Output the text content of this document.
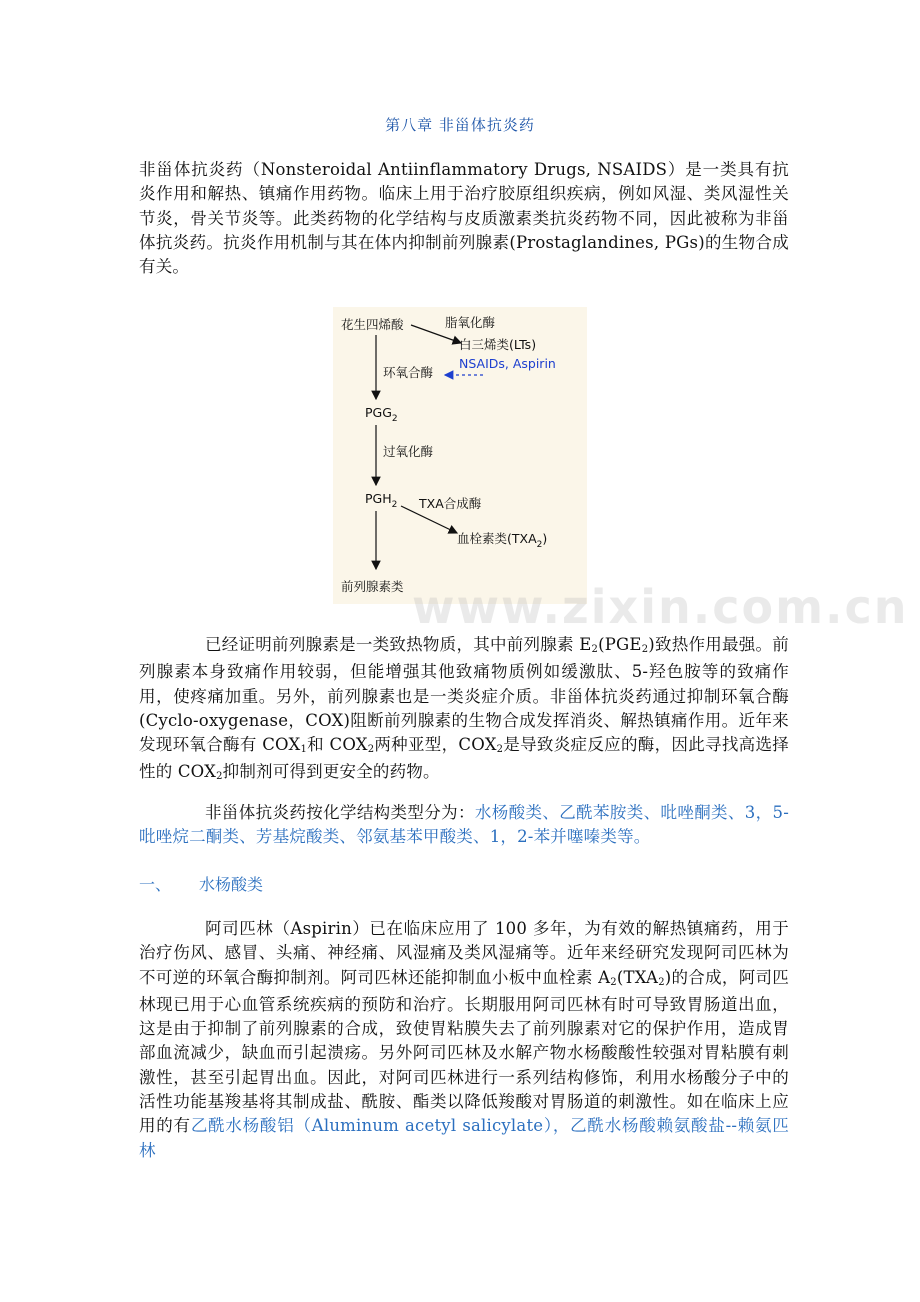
第八章 非甾体抗炎药
非甾体抗炎药（Nonsteroidal Antiinflammatory Drugs, NSAIDS）是一类具有抗炎作用和解热、镇痛作用药物。临床上用于治疗胶原组织疾病，例如风湿、类风湿性关节炎，骨关节炎等。此类药物的化学结构与皮质激素类抗炎药物不同，因此被称为非甾体抗炎药。抗炎作用机制与其在体内抑制前列腺素(Prostaglandines, PGs)的生物合成有关。
花生四烯酸	脂氧化酶
白三烯类(LTs)
NSAIDs, Aspirin
环氧合酶
$PGG_2$
过氧化酶
$PGH_2$ TXA合成酶
血栓素类$(TXA_2)$
前列腺素类 www.zixin.com.cn
已经证明前列腺素是一类致热物质，其中前列腺素 $E_2(PGE_2)$致热作用最强。前列腺素本身致痛作用较弱，但能增强其他致痛物质例如缓激肽、5-羟色胺等的致痛作用，使疼痛加重。另外，前列腺素也是一类炎症介质。非甾体抗炎药通过抑制环氧合酶(Cyclo-oxygenase，COX)阻断前列腺素的生物合成发挥消炎、解热镇痛作用。近年来发现环氧合酶有 $COX_1$和 $COX_2$两种亚型，$COX_2$是导致炎症反应的酶，因此寻找高选择性的 $COX_2$抑制剂可得到更安全的药物。
非甾体抗炎药按化学结构类型分为：水杨酸类、乙酰苯胺类、吡唑酮类、3，5-吡唑烷二酮类、芳基烷酸类、邻氨基苯甲酸类、1，2-苯并噻嗪类等。
一、 水杨酸类
阿司匹林（Aspirin）已在临床应用了 100 多年，为有效的解热镇痛药，用于治疗伤风、感冒、头痛、神经痛、风湿痛及类风湿痛等。近年来经研究发现阿司匹林为不可逆的环氧合酶抑制剂。阿司匹林还能抑制血小板中血栓素 $A_2(TXA_2)$的合成，阿司匹林现已用于心血管系统疾病的预防和治疗。长期服用阿司匹林有时可导致胃肠道出血，这是由于抑制了前列腺素的合成，致使胃粘膜失去了前列腺素对它的保护作用，造成胃部血流减少，缺血而引起溃疡。另外阿司匹林及水解产物水杨酸酸性较强对胃粘膜有刺激性，甚至引起胃出血。因此，对阿司匹林进行一系列结构修饰，利用水杨酸分子中的活性功能基羧基将其制成盐、酰胺、酯类以降低羧酸对胃肠道的刺激性。如在临床上应用的有乙酰水杨酸铝（Aluminum acetyl salicylate），乙酰水杨酸赖氨酸盐--赖氨匹林
